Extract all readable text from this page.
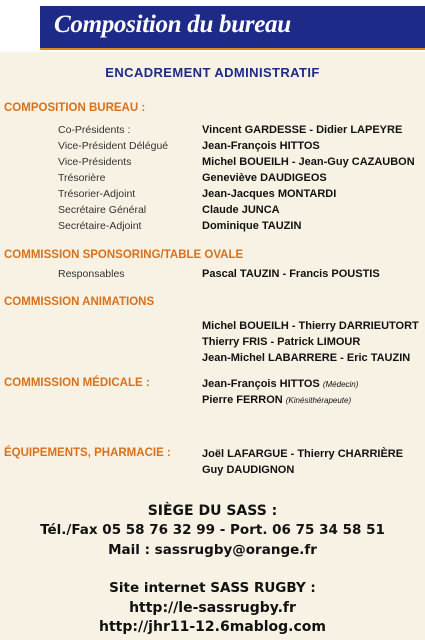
Composition du bureau
ENCADREMENT ADMINISTRATIF
COMPOSITION BUREAU :
Co-Présidents :	Vincent GARDESSE - Didier LAPEYRE
Vice-Président Délégué	Jean-François HITTOS
Vice-Présidents	Michel BOUEILH - Jean-Guy CAZAUBON
Trésorière	Geneviève DAUDIGEOS
Trésorier-Adjoint	Jean-Jacques MONTARDI
Secrétaire Général	Claude JUNCA
Secrétaire-Adjoint	Dominique TAUZIN
COMMISSION SPONSORING/TABLE OVALE
Responsables	Pascal TAUZIN - Francis POUSTIS
COMMISSION ANIMATIONS
Michel BOUEILH - Thierry DARRIEUTORT
Thierry FRIS - Patrick LIMOUR
Jean-Michel LABARRERE - Eric TAUZIN
COMMISSION MÉDICALE :	Jean-François HITTOS (Médecin)
Pierre FERRON (Kinésithérapeute)
ÉQUIPEMENTS, PHARMACIE :	Joël LAFARGUE - Thierry CHARRIÈRE
Guy DAUDIGNON
SIÈGE DU SASS :
Tél./Fax 05 58 76 32 99 - Port. 06 75 34 58 51
Mail : sassrugby@orange.fr
Site internet SASS RUGBY :
http://le-sassrugby.fr
http://jhr11-12.6mablog.com
